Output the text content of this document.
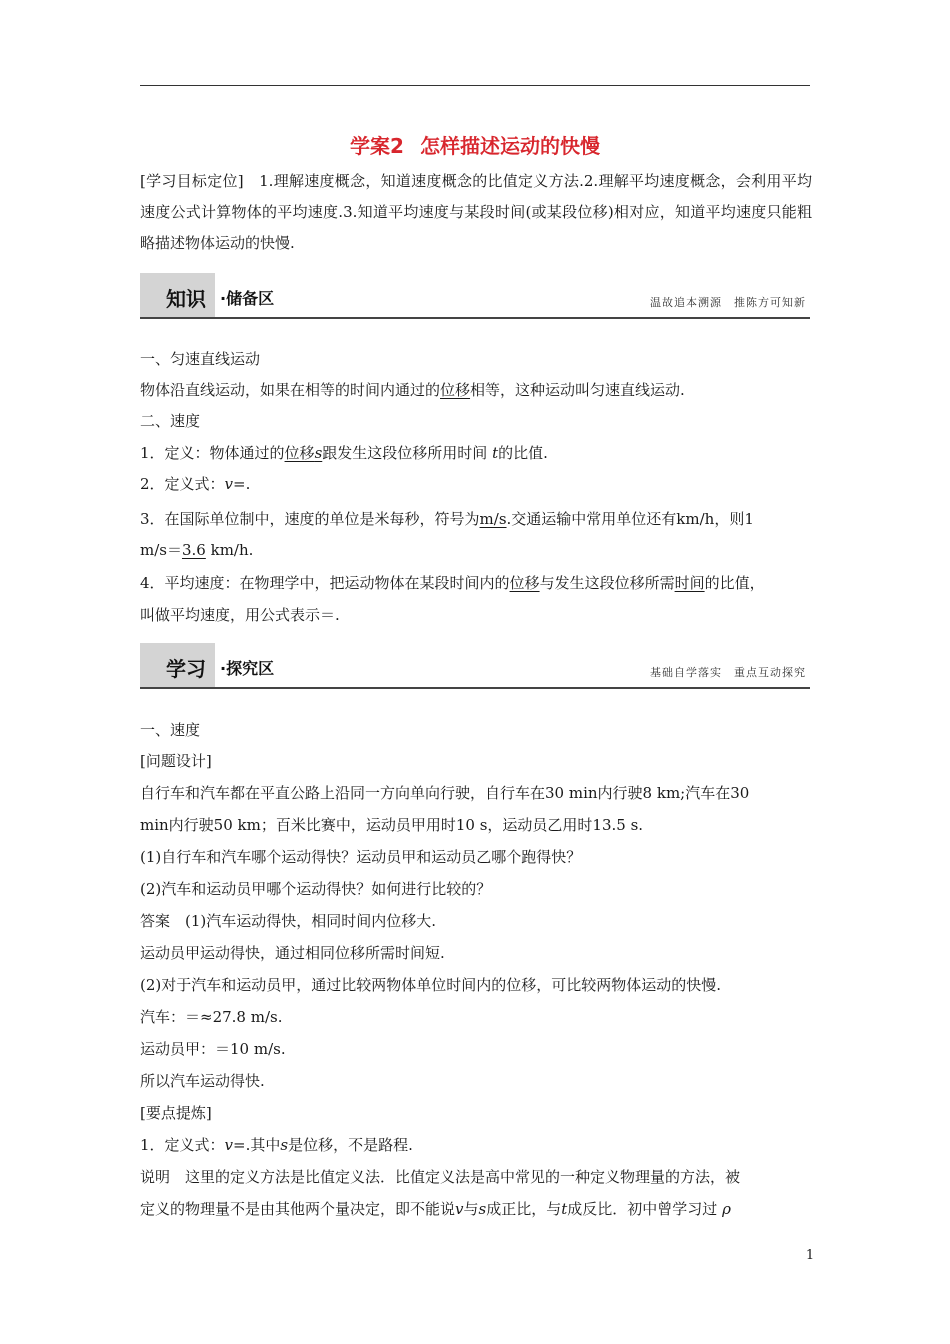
学案2 怎样描述运动的快慢
[学习目标定位]　 1.理解速度概念，知道速度概念的比值定义方法.2.理解平均速度概念，会利用平均速度公式计算物体的平均速度.3.知道平均速度与某段时间(或某段位移)相对应，知道平均速度只能粗略描述物体运动的快慢.
知识 ·储备区	温故追本溯源　推陈方可知新
一、匀速直线运动
物体沿直线运动，如果在相等的时间内通过的位移相等，这种运动叫匀速直线运动.
二、速度
1．定义：物体通过的位移s跟发生这段位移所用时间 t的比值.
2．定义式：v=.
3．在国际单位制中，速度的单位是米每秒，符号为m/s.交通运输中常用单位还有km/h，则1
m/s＝3.6 km/h.
4．平均速度：在物理学中，把运动物体在某段时间内的位移与发生这段位移所需时间的比值，
叫做平均速度，用公式表示＝.
学习 ·探究区	基础自学落实　重点互动探究
一、速度
[问题设计]
自行车和汽车都在平直公路上沿同一方向单向行驶，自行车在30 min内行驶8 km;汽车在30
min内行驶50 km；百米比赛中，运动员甲用时10 s，运动员乙用时13.5 s.
(1)自行车和汽车哪个运动得快？运动员甲和运动员乙哪个跑得快？
(2)汽车和运动员甲哪个运动得快？如何进行比较的？
答案　(1)汽车运动得快，相同时间内位移大.
运动员甲运动得快，通过相同位移所需时间短.
(2)对于汽车和运动员甲，通过比较两物体单位时间内的位移，可比较两物体运动的快慢.
汽车：＝≈27.8 m/s.
运动员甲：＝10 m/s.
所以汽车运动得快.
[要点提炼]
1．定义式：v=.其中s是位移，不是路程.
说明　这里的定义方法是比值定义法．比值定义法是高中常见的一种定义物理量的方法，被
定义的物理量不是由其他两个量决定，即不能说v与s成正比，与t成反比．初中曾学习过 ρ
1
